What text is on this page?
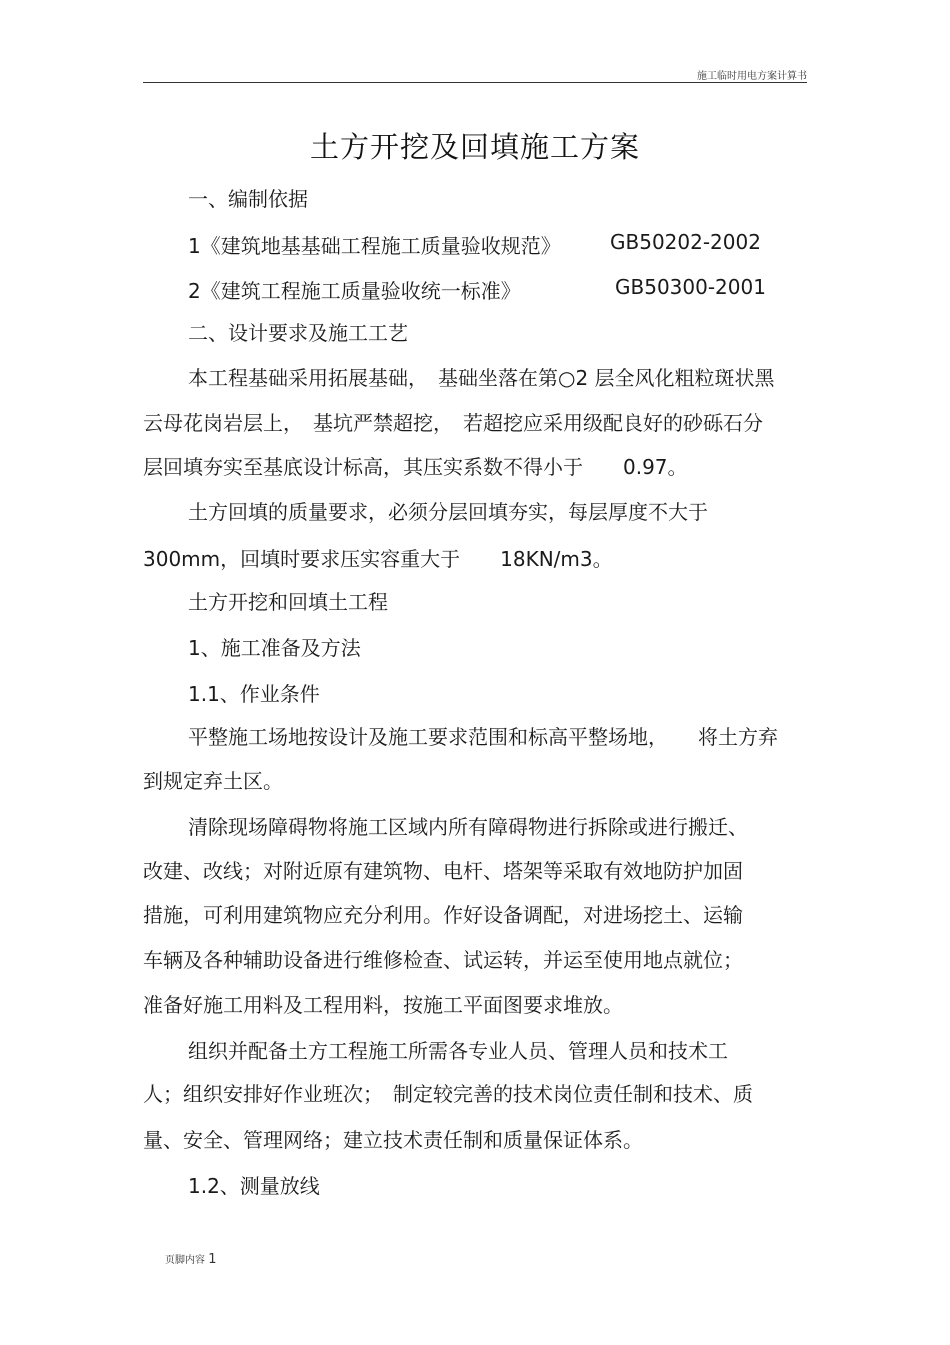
施工临时用电方案计算书
土方开挖及回填施工方案
一、编制依据
1《建筑地基基础工程施工质量验收规范》 GB50202-2002
2《建筑工程施工质量验收统一标准》	GB50300-2001
二、设计要求及施工工艺
本工程基础采用拓展基础，　基础坐落在第○2 层全风化粗粒斑状黑
云母花岗岩层上，　基坑严禁超挖，　若超挖应采用级配良好的砂砾石分
层回填夯实至基底设计标高，其压实系数不得小于　　0.97。
土方回填的质量要求，必须分层回填夯实，每层厚度不大于
300mm，回填时要求压实容重大于　　18KN/m3。
土方开挖和回填土工程
1、施工准备及方法
1.1、作业条件
平整施工场地按设计及施工要求范围和标高平整场地，　　将土方弃
到规定弃土区。
清除现场障碍物将施工区域内所有障碍物进行拆除或进行搬迁、
改建、改线；对附近原有建筑物、电杆、塔架等采取有效地防护加固
措施，可利用建筑物应充分利用。作好设备调配，对进场挖土、运输
车辆及各种辅助设备进行维修检查、试运转，并运至使用地点就位；
准备好施工用料及工程用料，按施工平面图要求堆放。
组织并配备土方工程施工所需各专业人员、管理人员和技术工
人；组织安排好作业班次；　制定较完善的技术岗位责任制和技术、质
量、安全、管理网络；建立技术责任制和质量保证体系。
1.2、测量放线
页脚内容 1
